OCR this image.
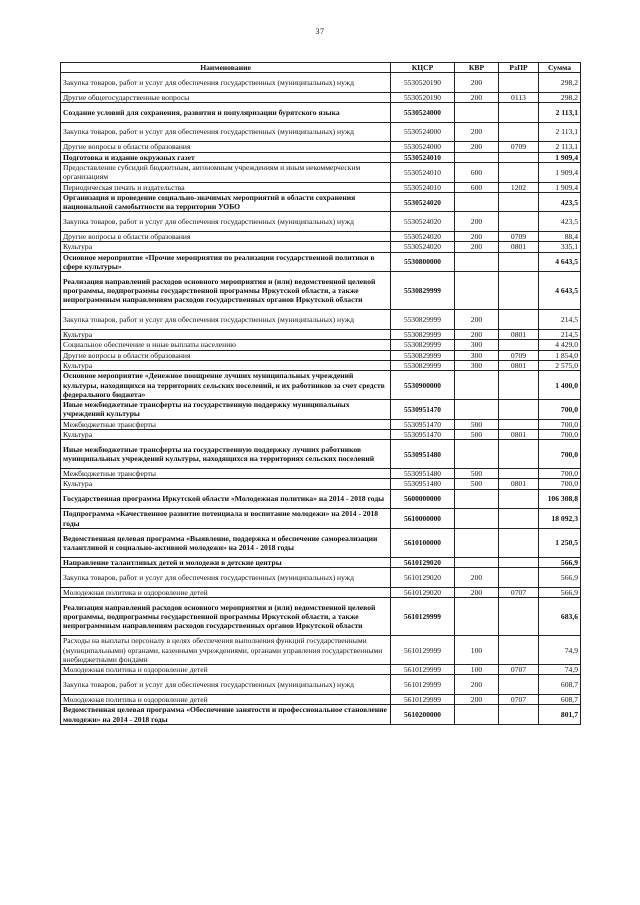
37
Наименование	КЦСР	КВР	РзПР	Сумма
Закупка товаров, работ и услуг для обеспечения государственных (муниципальных) нужд	5530520190	200		298,2
Другие общегосударственные вопросы	5530520190	200	0113	298,2
Создание условий для сохранения, развития и популяризации бурятского языка	5530524000			2 113,1
Закупка товаров, работ и услуг для обеспечения государственных (муниципальных) нужд	5530524000	200		2 113,1
Другие вопросы в области образования	5530524000	200	0709	2 113,1
Подготовка и издание окружных газет	5530524010			1 909,4
Предоставление субсидий бюджетным, автономным учреждениям и иным некоммерческим организациям	5530524010	600		1 909,4
Периодическая печать и издательства	5530524010	600	1202	1 909,4
Организация и проведение социально-значимых мероприятий в области сохранения национальной самобытности на территории УОБО	5530524020			423,5
Закупка товаров, работ и услуг для обеспечения государственных (муниципальных) нужд	5530524020	200		423,5
Другие вопросы в области образования	5530524020	200	0709	88,4
Культура	5530524020	200	0801	335,1
Основное мероприятие «Прочие мероприятия по реализации государственной политики в сфере культуры»	5530800000			4 643,5
Реализация направлений расходов основного мероприятия и (или) ведомственной целевой программы, подпрограммы государственной программы Иркутской области, а также непрограммным направлениям расходов государственных органов Иркутской области	5530829999			4 643,5
Закупка товаров, работ и услуг для обеспечения государственных (муниципальных) нужд	5530829999	200		214,5
Культура	5530829999	200	0801	214,5
Социальное обеспечение и иные выплаты населению	5530829999	300		4 429,0
Другие вопросы в области образования	5530829999	300	0709	1 854,0
Культура	5530829999	300	0801	2 575,0
Основное мероприятие «Денежное поощрение лучших муниципальных учреждений культуры, находящихся на территориях сельских поселений, и их работников за счет средств федерального бюджета»	5530900000			1 400,0
Иные межбюджетные трансферты на государственную поддержку муниципальных учреждений культуры	5530951470			700,0
Межбюджетные трансферты	5530951470	500		700,0
Культура	5530951470	500	0801	700,0
Иные межбюджетные трансферты на государственную поддержку лучших работников муниципальных учреждений культуры, находящихся на территориях сельских поселений	5530951480			700,0
Межбюджетные трансферты	5530951480	500		700,0
Культура	5530951480	500	0801	700,0
Государственная программа Иркутской области «Молодежная политика» на 2014 - 2018 годы	5600000000			106 308,8
Подпрограмма «Качественное развитие потенциала и воспитание молодежи» на 2014 - 2018 годы	5610000000			18 092,3
Ведомственная целевая программа «Выявление, поддержка и обеспечение самореализации талантливой и социально-активной молодежи» на 2014 - 2018 годы	5610100000			1 250,5
Направление талантливых детей и молодежи в детские центры	5610129020			566,9
Закупка товаров, работ и услуг для обеспечения государственных (муниципальных) нужд	5610129020	200		566,9
Молодежная политика и оздоровление детей	5610129020	200	0707	566,9
Реализация направлений расходов основного мероприятия и (или) ведомственной целевой программы, подпрограммы государственной программы Иркутской области, а также непрограммным направлениям расходов государственных органов Иркутской области	5610129999			683,6
Расходы на выплаты персоналу в целях обеспечения выполнения функций государственными (муниципальными) органами, казенными учреждениями, органами управления государственными внебюджетными фондами	5610129999	100		74,9
Молодежная политика и оздоровление детей	5610129999	100	0707	74,9
Закупка товаров, работ и услуг для обеспечения государственных (муниципальных) нужд	5610129999	200		608,7
Молодежная политика и оздоровление детей	5610129999	200	0707	608,7
Ведомственная целевая программа «Обеспечение занятости и профессиональное становление молодежи» на 2014 - 2018 годы	5610200000			801,7
